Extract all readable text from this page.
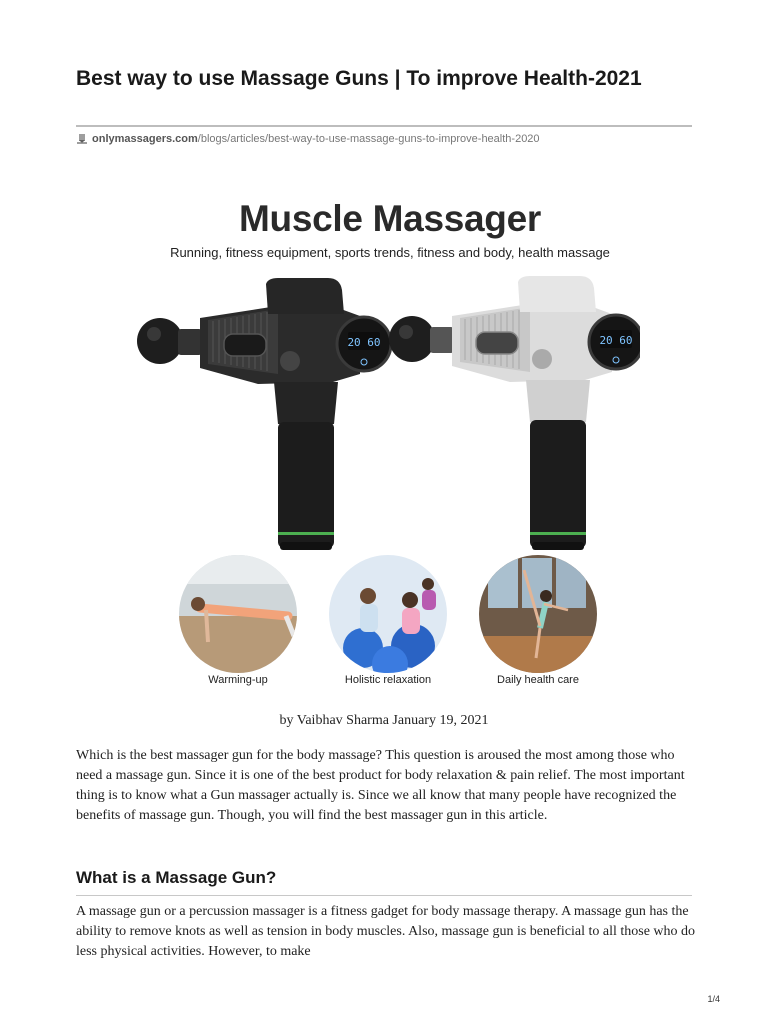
Best way to use Massage Guns | To improve Health-2021
onlymassagers.com/blogs/articles/best-way-to-use-massage-guns-to-improve-health-2020
20 60	20 60
Muscle Massager
Running, fitness equipment, sports trends, fitness and body, health massage
Warming-up	Holistic relaxation	Daily health care
by Vaibhav Sharma January 19, 2021

Which is the best massager gun for the body massage? This question is aroused the most among those who need a massage gun. Since it is one of the best product for body relaxation & pain relief. The most important thing is to know what a Gun massager actually is. Since we all know that many people have recognized the benefits of massage gun. Though, you will find the best massager gun in this article.

What is a Massage Gun?

A massage gun or a percussion massager is a fitness gadget for body massage therapy. A massage gun has the ability to remove knots as well as tension in body muscles. Also, massage gun is beneficial to all those who do less physical activities. However, to make

1/4
